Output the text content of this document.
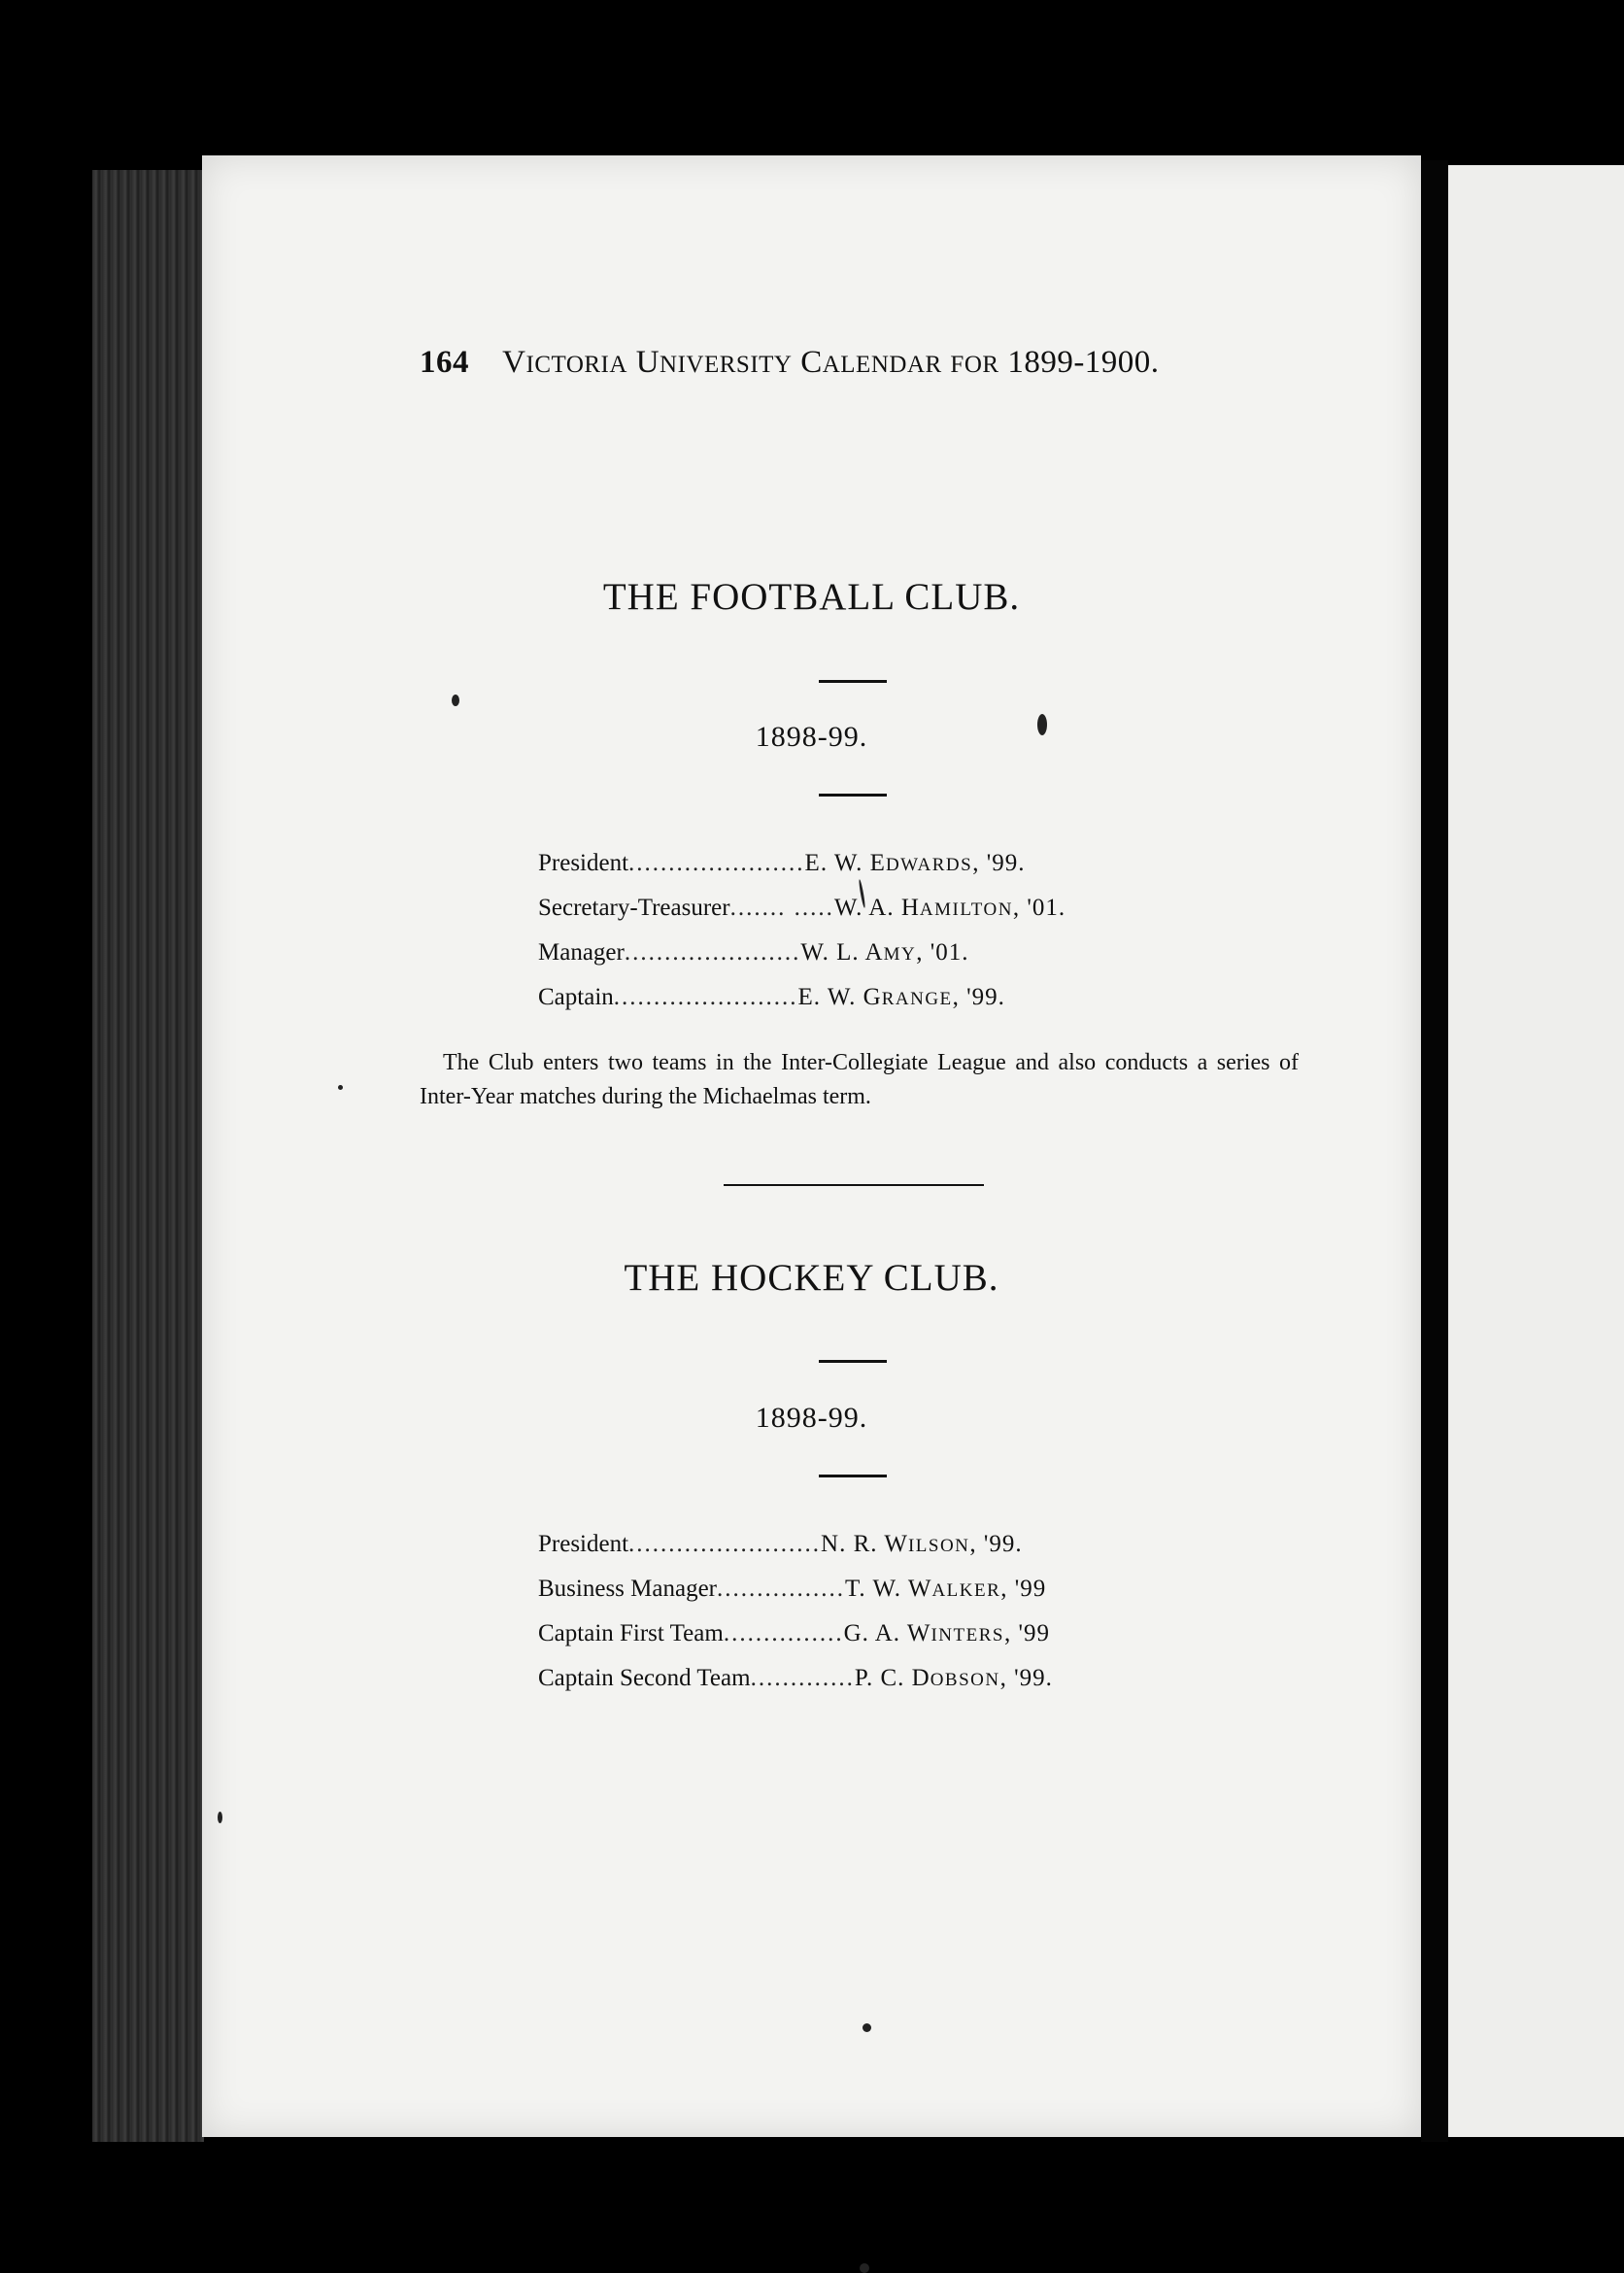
164 VICTORIA UNIVERSITY CALENDAR FOR 1899-1900.
THE FOOTBALL CLUB.
1898-99.
President ...................... E. W. EDWARDS, '99.
Secretary-Treasurer ....... ..... W. A. HAMILTON, '01.
Manager ...................... W. L. AMY, '01.
Captain ....................... E. W. GRANGE, '99.
The Club enters two teams in the Inter-Collegiate League and also conducts a series of Inter-Year matches during the Michaelmas term.
THE HOCKEY CLUB.
1898-99.
President ........................ N. R. WILSON, '99.
Business Manager ................ T. W. WALKER, '99
Captain First Team ............... G. A. WINTERS, '99
Captain Second Team ............. P. C. DOBSON, '99.
